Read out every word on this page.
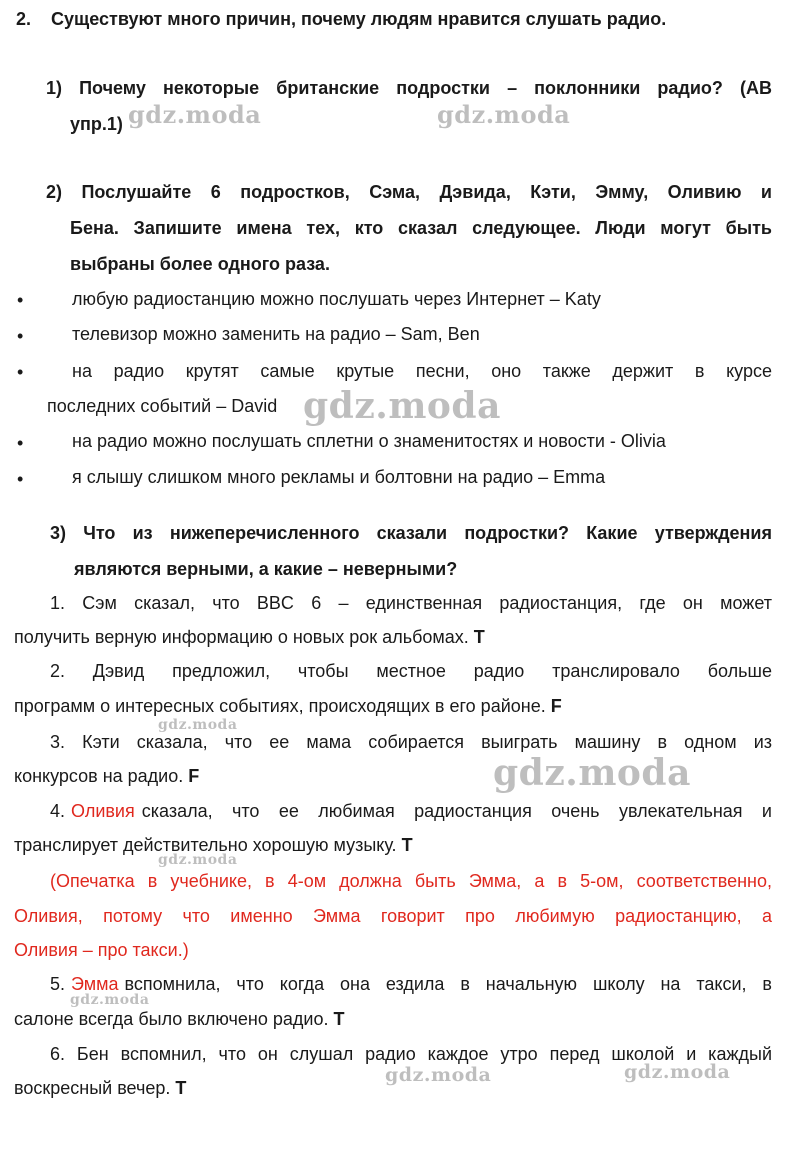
2. Существуют много причин, почему людям нравится слушать радио.
1) Почему некоторые британские подростки – поклонники радио? (АВ
упр.1)
2) Послушайте 6 подростков, Сэма, Дэвида, Кэти, Эмму, Оливию и
Бена. Запишите имена тех, кто сказал следующее. Люди могут быть
выбраны более одного раза.
•	любую радиостанцию можно послушать через Интернет – Katy
•	телевизор можно заменить на радио – Sam, Ben
•	на радио крутят самые крутые песни, оно также держит в курсе
последних событий – David
•	на радио можно послушать сплетни о знаменитостях и новости - Olivia
•	я слышу слишком много рекламы и болтовни на радио – Emma
3) Что из нижеперечисленного сказали подростки? Какие утверждения
являются верными, а какие – неверными?
1. Сэм сказал, что BBC 6 – единственная радиостанция, где он может
получить верную информацию о новых рок альбомах. T
2. Дэвид предложил, чтобы местное радио транслировало больше
программ о интересных событиях, происходящих в его районе. F
3. Кэти сказала, что ее мама собирается выиграть машину в одном из
конкурсов на радио. F
4. Оливия сказала, что ее любимая радиостанция очень увлекательная и
транслирует действительно хорошую музыку. T
(Опечатка в учебнике, в 4-ом должна быть Эмма, а в 5-ом, соответственно,
Оливия, потому что именно Эмма говорит про любимую радиостанцию, а
Оливия – про такси.)
5. Эмма вспомнила, что когда она ездила в начальную школу на такси, в
салоне всегда было включено радио. T
6. Бен вспомнил, что он слушал радио каждое утро перед школой и каждый
воскресный вечер. T
gdz.moda	gdz.moda
gdz.moda
gdz.moda
gdz.moda
gdz.moda
gdz.moda
gdz.moda	gdz.moda
